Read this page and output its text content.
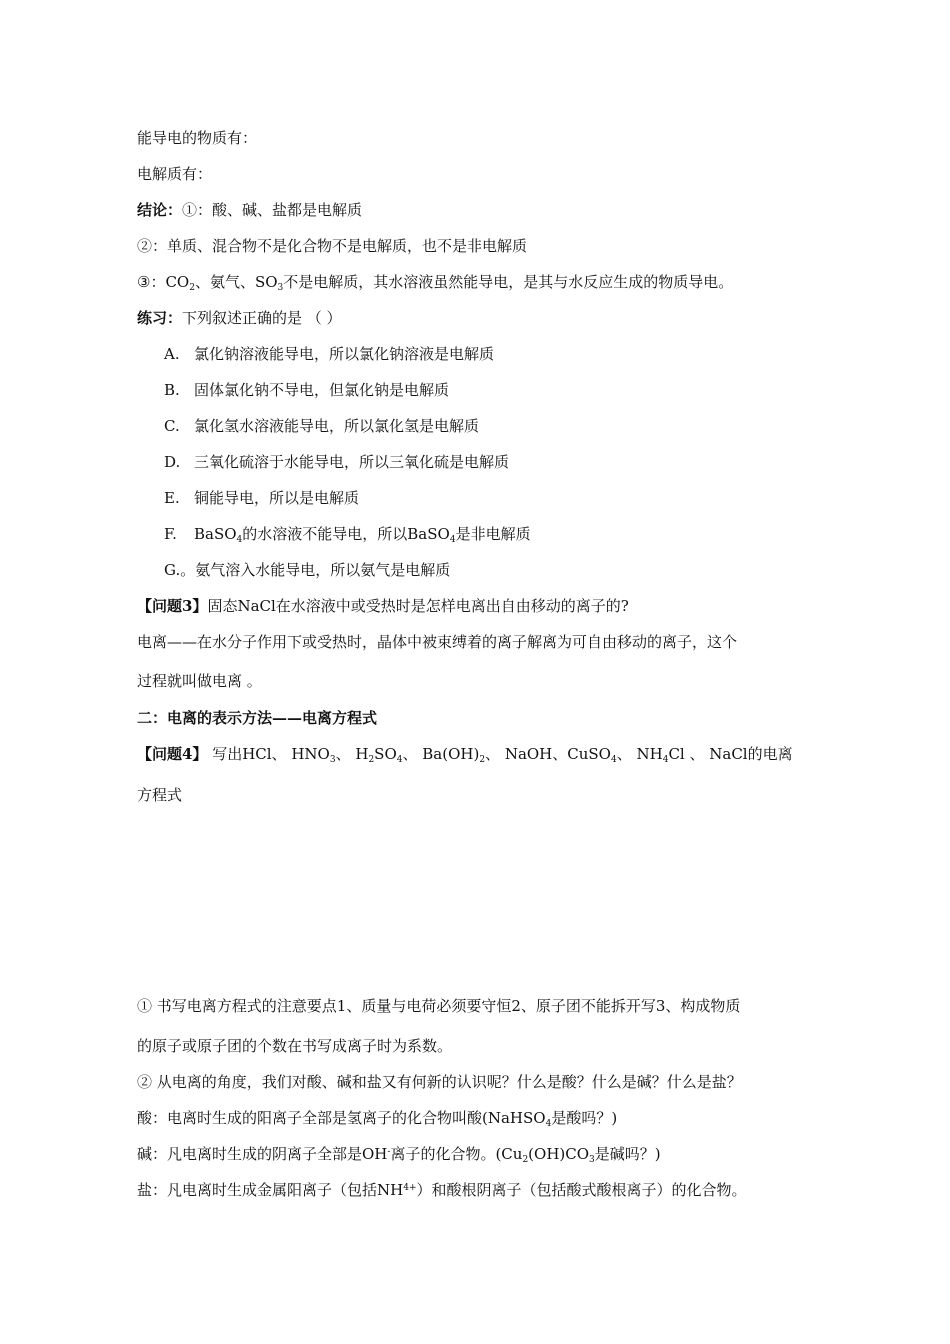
能导电的物质有：
电解质有：
结论：①：酸、碱、盐都是电解质
②：单质、混合物不是化合物不是电解质，也不是非电解质
③：$CO_2$、氨气、$SO_3$不是电解质，其水溶液虽然能导电，是其与水反应生成的物质导电。
练习：下列叙述正确的是 （ ）
A. 氯化钠溶液能导电，所以氯化钠溶液是电解质
B. 固体氯化钠不导电，但氯化钠是电解质
C. 氯化氢水溶液能导电，所以氯化氢是电解质
D. 三氧化硫溶于水能导电，所以三氧化硫是电解质
E. 铜能导电，所以是电解质
F. BaSO$_4$的水溶液不能导电，所以BaSO$_4$是非电解质
G.。氨气溶入水能导电，所以氨气是电解质
【问题3】固态NaCl在水溶液中或受热时是怎样电离出自由移动的离子的?
电离——在水分子作用下或受热时，晶体中被束缚着的离子解离为可自由移动的离子，这个
过程就叫做电离 。
二：电离的表示方法——电离方程式
【问题4】 写出HCl、 $HNO_3$、 $H_2SO_4$、 $Ba(OH)_2$、 NaOH、CuSO$_4$、 $NH_4Cl$ 、 NaCl的电离
方程式
① 书写电离方程式的注意要点1、质量与电荷必须要守恒2、原子团不能拆开写3、构成物质
的原子或原子团的个数在书写成离子时为系数。
② 从电离的角度，我们对酸、碱和盐又有何新的认识呢？什么是酸？什么是碱？什么是盐？
酸：电离时生成的阳离子全部是氢离子的化合物叫酸(NaHSO$_4$是酸吗？)
碱：凡电离时生成的阴离子全部是OH-离子的化合物。($Cu_2(OH)CO_3$是碱吗？)
盐：凡电离时生成金属阳离子（包括$NH^{4+}$）和酸根阴离子（包括酸式酸根离子）的化合物。
